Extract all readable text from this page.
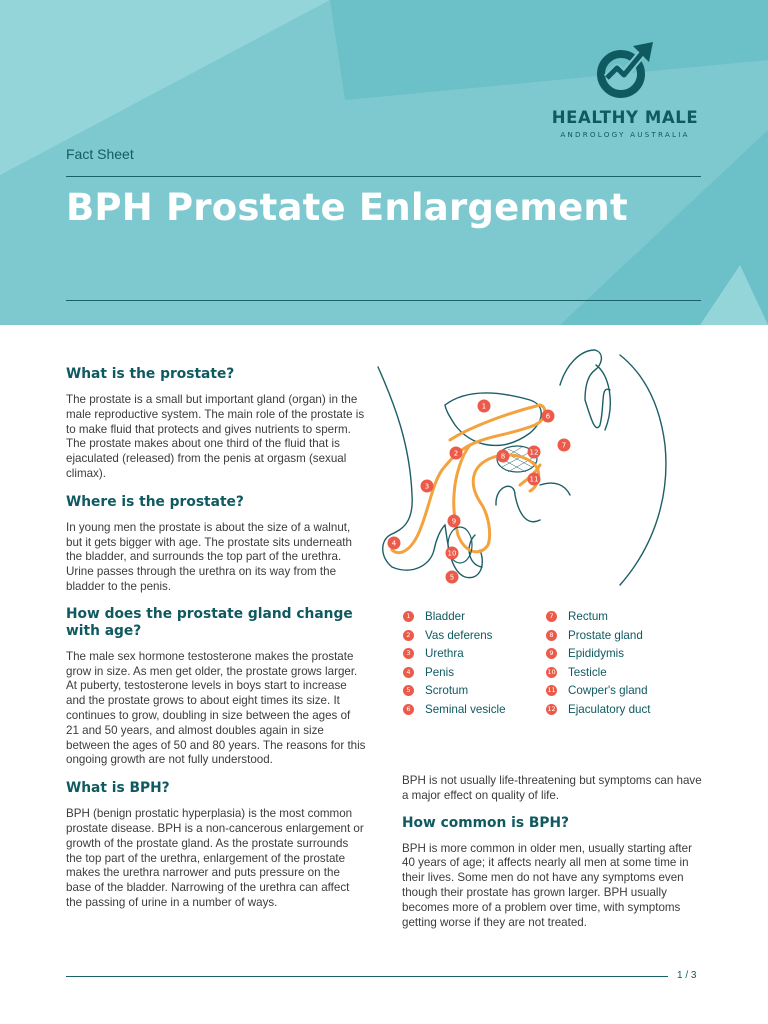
HEALTHY MALE
ANDROLOGY AUSTRALIA
Fact Sheet
BPH Prostate Enlargement
What is the prostate?

The prostate is a small but important gland (organ) in the male reproductive system. The main role of the prostate is to make fluid that protects and gives nutrients to sperm. The prostate makes about one third of the fluid that is ejaculated (released) from the penis at orgasm (sexual climax).

Where is the prostate?

In young men the prostate is about the size of a walnut, but it gets bigger with age. The prostate sits underneath the bladder, and surrounds the top part of the urethra. Urine passes through the urethra on its way from the bladder to the penis.

How does the prostate gland change with age?

The male sex hormone testosterone makes the prostate grow in size. As men get older, the prostate grows larger. At puberty, testosterone levels in boys start to increase and the prostate grows to about eight times its size. It continues to grow, doubling in size between the ages of 21 and 50 years, and almost doubles again in size between the ages of 50 and 80 years. The reasons for this ongoing growth are not fully understood.

What is BPH?

BPH (benign prostatic hyperplasia) is the most common prostate disease. BPH is a non-cancerous enlargement or growth of the prostate gland. As the prostate surrounds the top part of the urethra, enlargement of the prostate makes the urethra narrower and puts pressure on the base of the bladder. Narrowing of the urethra can affect the passing of urine in a number of ways.

1
2
3
4
5
6
7
8
9
10
11
12
1 Bladder
2 Vas deferens
3 Urethra
4 Penis
5 Scrotum
6 Seminal vesicle
7 Rectum
8 Prostate gland
9 Epididymis
10 Testicle
11 Cowper's gland
12 Ejaculatory duct

BPH is not usually life-threatening but symptoms can have a major effect on quality of life.

How common is BPH?

BPH is more common in older men, usually starting after 40 years of age; it affects nearly all men at some time in their lives. Some men do not have any symptoms even though their prostate has grown larger. BPH usually becomes more of a problem over time, with symptoms getting worse if they are not treated.

1 / 3
